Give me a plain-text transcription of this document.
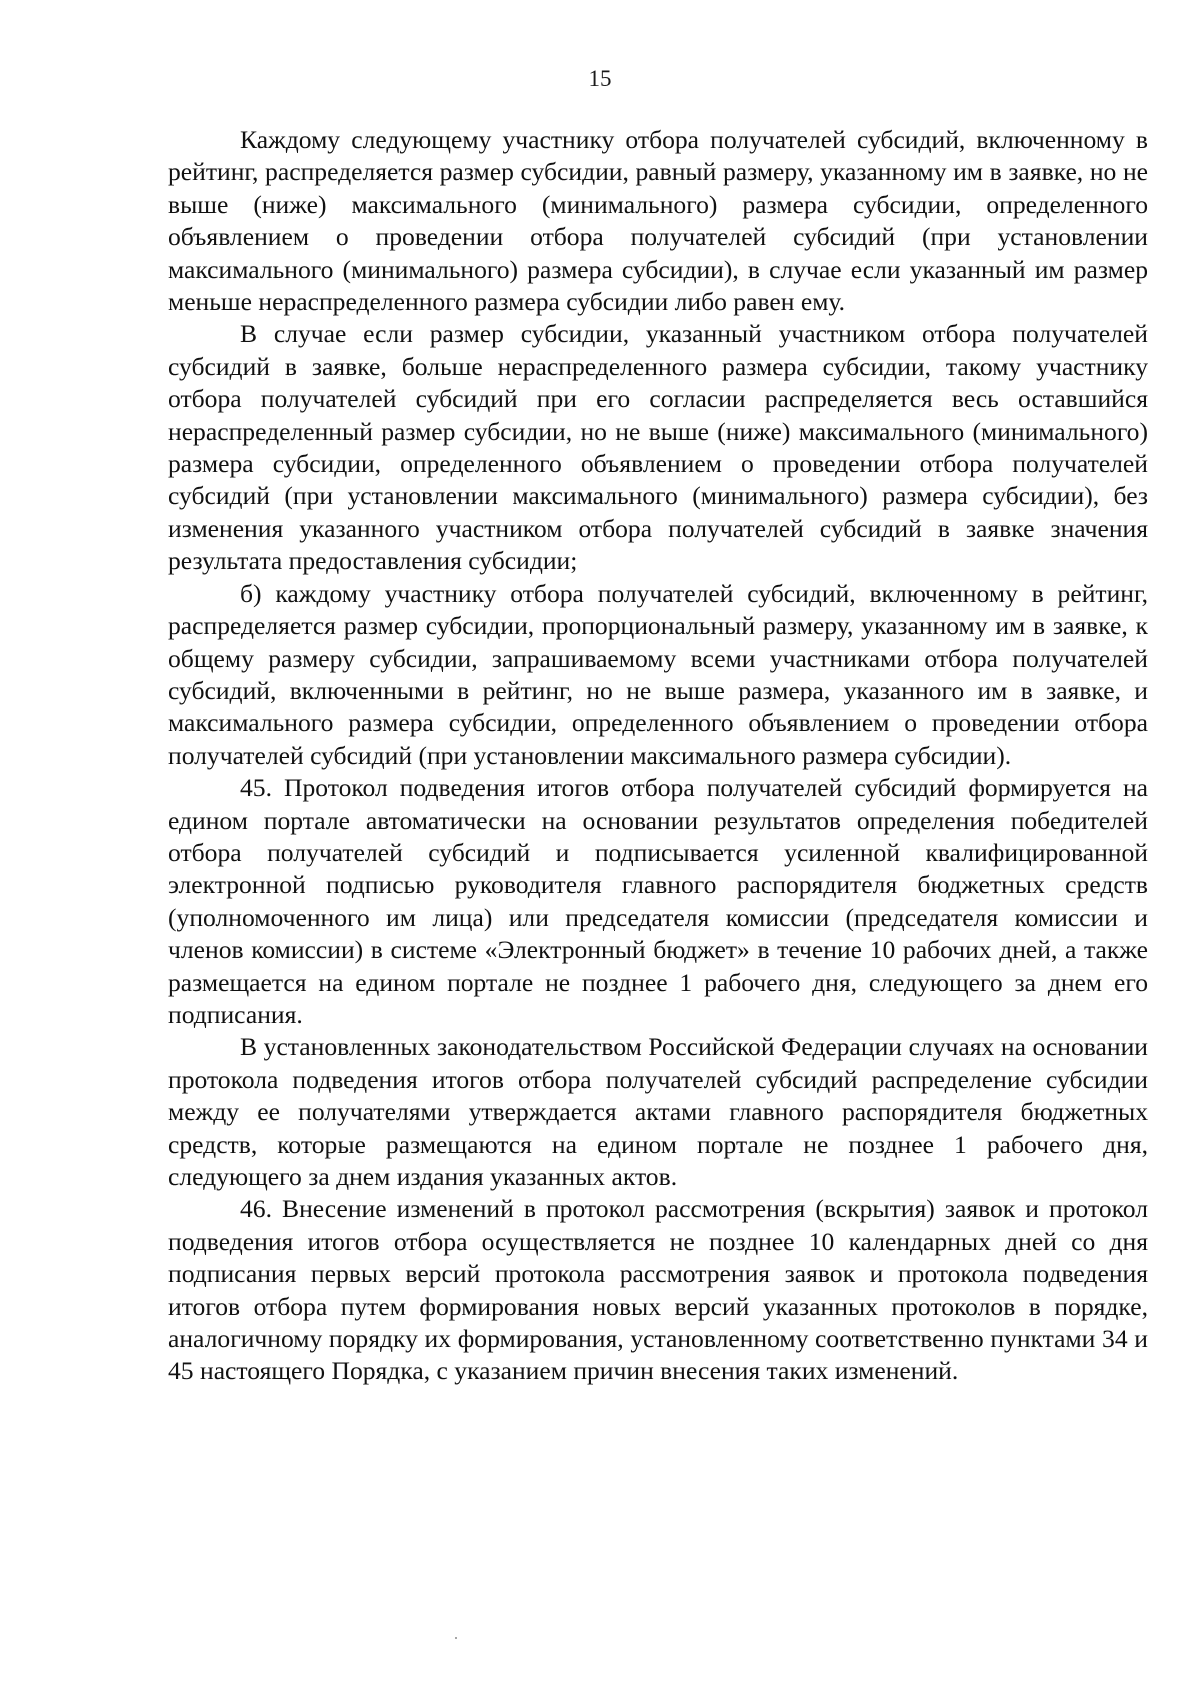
15

Каждому следующему участнику отбора получателей субсидий, включенному в рейтинг, распределяется размер субсидии, равный размеру, указанному им в заявке, но не выше (ниже) максимального (минимального) размера субсидии, определенного объявлением о проведении отбора получателей субсидий (при установлении максимального (минимального) размера субсидии), в случае если указанный им размер меньше нераспределенного размера субсидии либо равен ему.

В случае если размер субсидии, указанный участником отбора получателей субсидий в заявке, больше нераспределенного размера субсидии, такому участнику отбора получателей субсидий при его согласии распределяется весь оставшийся нераспределенный размер субсидии, но не выше (ниже) максимального (минимального) размера субсидии, определенного объявлением о проведении отбора получателей субсидий (при установлении максимального (минимального) размера субсидии), без изменения указанного участником отбора получателей субсидий в заявке значения результата предоставления субсидии;

б) каждому участнику отбора получателей субсидий, включенному в рейтинг, распределяется размер субсидии, пропорциональный размеру, указанному им в заявке, к общему размеру субсидии, запрашиваемому всеми участниками отбора получателей субсидий, включенными в рейтинг, но не выше размера, указанного им в заявке, и максимального размера субсидии, определенного объявлением о проведении отбора получателей субсидий (при установлении максимального размера субсидии).

45. Протокол подведения итогов отбора получателей субсидий формируется на едином портале автоматически на основании результатов определения победителей отбора получателей субсидий и подписывается усиленной квалифицированной электронной подписью руководителя главного распорядителя бюджетных средств (уполномоченного им лица) или председателя комиссии (председателя комиссии и членов комиссии) в системе «Электронный бюджет» в течение 10 рабочих дней, а также размещается на едином портале не позднее 1 рабочего дня, следующего за днем его подписания.

В установленных законодательством Российской Федерации случаях на основании протокола подведения итогов отбора получателей субсидий распределение субсидии между ее получателями утверждается актами главного распорядителя бюджетных средств, которые размещаются на едином портале не позднее 1 рабочего дня, следующего за днем издания указанных актов.

46. Внесение изменений в протокол рассмотрения (вскрытия) заявок и протокол подведения итогов отбора осуществляется не позднее 10 календарных дней со дня подписания первых версий протокола рассмотрения заявок и протокола подведения итогов отбора путем формирования новых версий указанных протоколов в порядке, аналогичному порядку их формирования, установленному соответственно пунктами 34 и 45 настоящего Порядка, с указанием причин внесения таких изменений.
